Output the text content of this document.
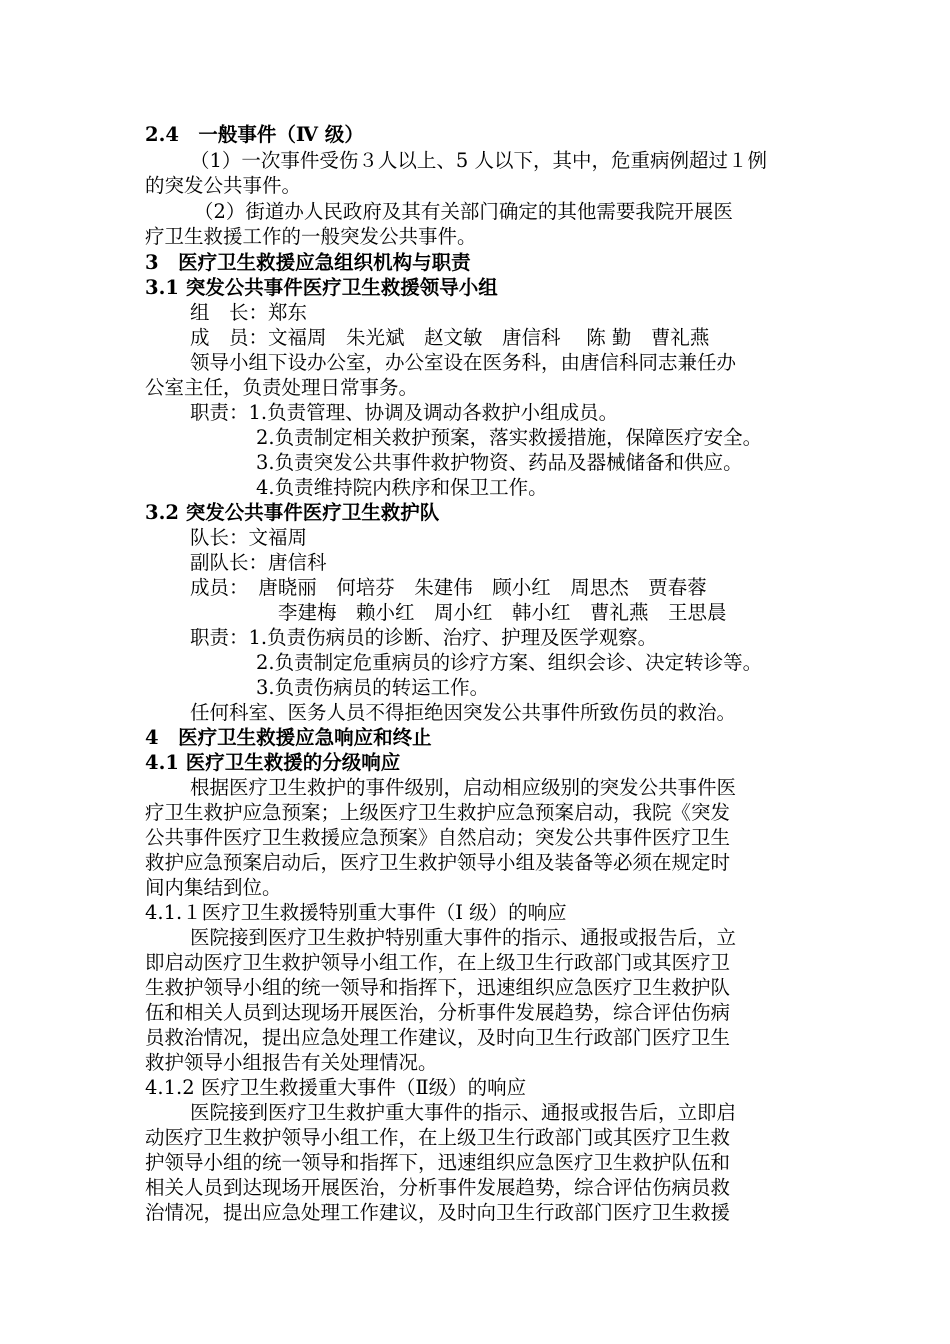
2.4　一般事件（Ⅳ 级）
（1）一次事件受伤３人以上、5 人以下，其中，危重病例超过１例
的突发公共事件。
（2）街道办人民政府及其有关部门确定的其他需要我院开展医
疗卫生救援工作的一般突发公共事件。
3　医疗卫生救援应急组织机构与职责
3.1 突发公共事件医疗卫生救援领导小组
组　长：郑东
成　员：文福周　朱光斌　赵文敏　唐信科　 陈 勤　曹礼燕
领导小组下设办公室，办公室设在医务科，由唐信科同志兼任办
公室主任，负责处理日常事务。
职责：1.负责管理、协调及调动各救护小组成员。
2.负责制定相关救护预案，落实救援措施，保障医疗安全。
3.负责突发公共事件救护物资、药品及器械储备和供应。
4.负责维持院内秩序和保卫工作。
3.2 突发公共事件医疗卫生救护队
队长：文福周
副队长：唐信科
成员：　唐晓丽　何培芬　朱建伟　顾小红　周思杰　贾春蓉
李建梅　赖小红　周小红　韩小红　曹礼燕　王思晨
职责：1.负责伤病员的诊断、治疗、护理及医学观察。
2.负责制定危重病员的诊疗方案、组织会诊、决定转诊等。
3.负责伤病员的转运工作。
任何科室、医务人员不得拒绝因突发公共事件所致伤员的救治。
4　医疗卫生救援应急响应和终止
4.1 医疗卫生救援的分级响应
根据医疗卫生救护的事件级别，启动相应级别的突发公共事件医
疗卫生救护应急预案；上级医疗卫生救护应急预案启动，我院《突发
公共事件医疗卫生救援应急预案》自然启动；突发公共事件医疗卫生
救护应急预案启动后，医疗卫生救护领导小组及装备等必须在规定时
间内集结到位。
4.1.１医疗卫生救援特别重大事件（Ⅰ 级）的响应
医院接到医疗卫生救护特别重大事件的指示、通报或报告后，立
即启动医疗卫生救护领导小组工作，在上级卫生行政部门或其医疗卫
生救护领导小组的统一领导和指挥下，迅速组织应急医疗卫生救护队
伍和相关人员到达现场开展医治，分析事件发展趋势，综合评估伤病
员救治情况，提出应急处理工作建议，及时向卫生行政部门医疗卫生
救护领导小组报告有关处理情况。
4.1.2 医疗卫生救援重大事件（Ⅱ级）的响应
医院接到医疗卫生救护重大事件的指示、通报或报告后，立即启
动医疗卫生救护领导小组工作，在上级卫生行政部门或其医疗卫生救
护领导小组的统一领导和指挥下，迅速组织应急医疗卫生救护队伍和
相关人员到达现场开展医治，分析事件发展趋势，综合评估伤病员救
治情况，提出应急处理工作建议，及时向卫生行政部门医疗卫生救援
